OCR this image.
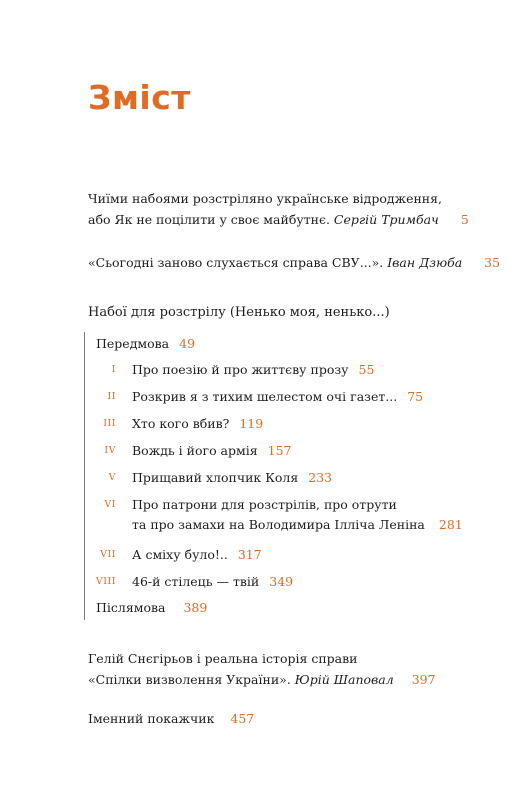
Зміст
Чиїми набоями розстріляно українське відродження,
або Як не поцілити у своє майбутнє. Сергій Тримбач 5
«Сьогодні заново слухається справа СВУ...». Іван Дзюба 35
Набої для розстрілу (Ненько моя, ненько...)
Передмова 49
I Про поезію й про життєву прозу 55
II Розкрив я з тихим шелестом очі газет... 75
III Хто кого вбив? 119
IV Вождь і його армія 157
V Прищавий хлопчик Коля 233
VI Про патрони для розстрілів, про отрути
та про замахи на Володимира Ілліча Леніна 281
VII А сміху було!.. 317
VIII 46-й стілець — твій 349
Післямова 389
Гелій Снєгірьов і реальна історія справи
«Спілки визволення України». Юрій Шаповал 397
Іменний покажчик 457
